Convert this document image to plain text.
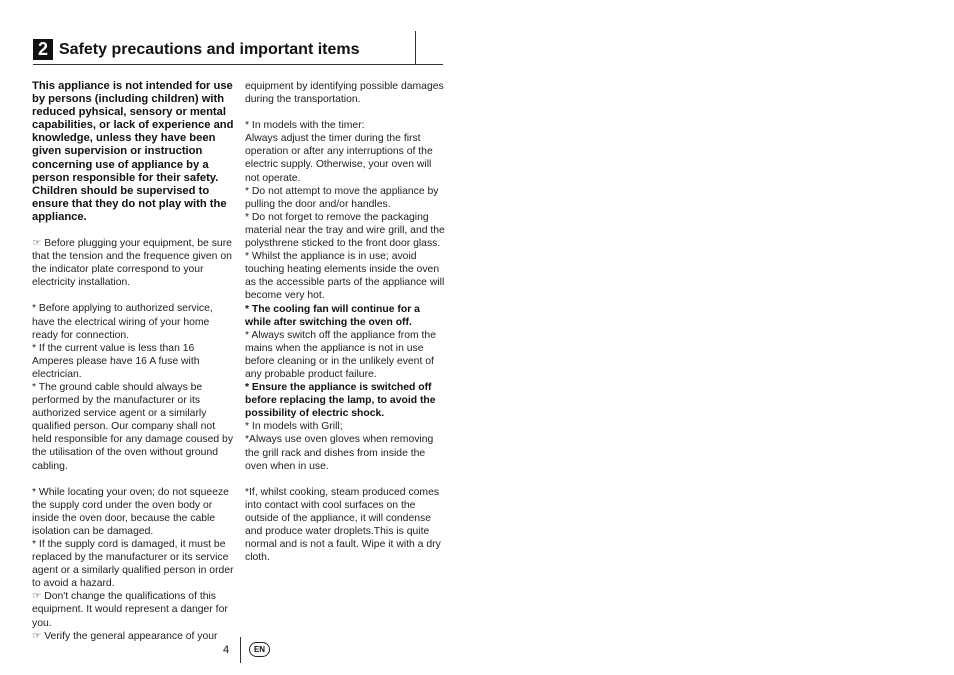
2 Safety precautions and important items

This appliance is not intended for use by persons (including children) with reduced pyhsical, sensory or mental capabilities, or lack of experience and knowledge, unless they have been given supervision or instruction concerning use of appliance by a person responsible for their safety.

Children should be supervised to ensure that they do not play with the appliance.

☞ Before plugging your equipment, be sure that the tension and the frequence given on the indicator plate correspond to your electricity installation.

* Before applying to authorized service, have the electrical wiring of your home ready for connection.

* If the current value is less than 16 Amperes please have 16 A fuse with electrician.

* The ground cable should always be performed by the manufacturer or its authorized service agent or a similarly qualified person. Our company shall not held responsible for any damage coused by the utilisation of the oven without ground cabling.

* While locating your oven; do not squeeze the supply cord under the oven body or inside the oven door, because the cable isolation can be damaged.

* If the supply cord is damaged, it must be replaced by the manufacturer or its service agent or a similarly qualified person in order to avoid a hazard.

☞ Don't change the qualifications of this equipment. It would represent a danger for you.

☞ Verify the general appearance of your

equipment by identifying possible damages during the transportation.

* In models with the timer:

Always adjust the timer during the first operation or after any interruptions of the electric supply. Otherwise, your oven will not operate.

* Do not attempt to move the appliance by pulling the door and/or handles.

* Do not forget to remove the packaging material near the tray and wire grill, and the polysthrene sticked to the front door glass.

* Whilst the appliance is in use; avoid touching heating elements inside the oven as the accessible parts of the appliance will become very hot.

* The cooling fan will continue for a while after switching the oven off.

* Always switch off the appliance from the mains when the appliance is not in use before cleaning or in the unlikely event of any probable product failure.

* Ensure the appliance is switched off before replacing the lamp, to avoid the possibility of electric shock.

* In models with Grill;

*Always use oven gloves when removing the grill rack and dishes from inside the oven when in use.

*If, whilst cooking, steam produced comes into contact with cool surfaces on the outside of the appliance, it will condense and produce water droplets.This is quite normal and is not a fault. Wipe it with a dry cloth.

4	EN
